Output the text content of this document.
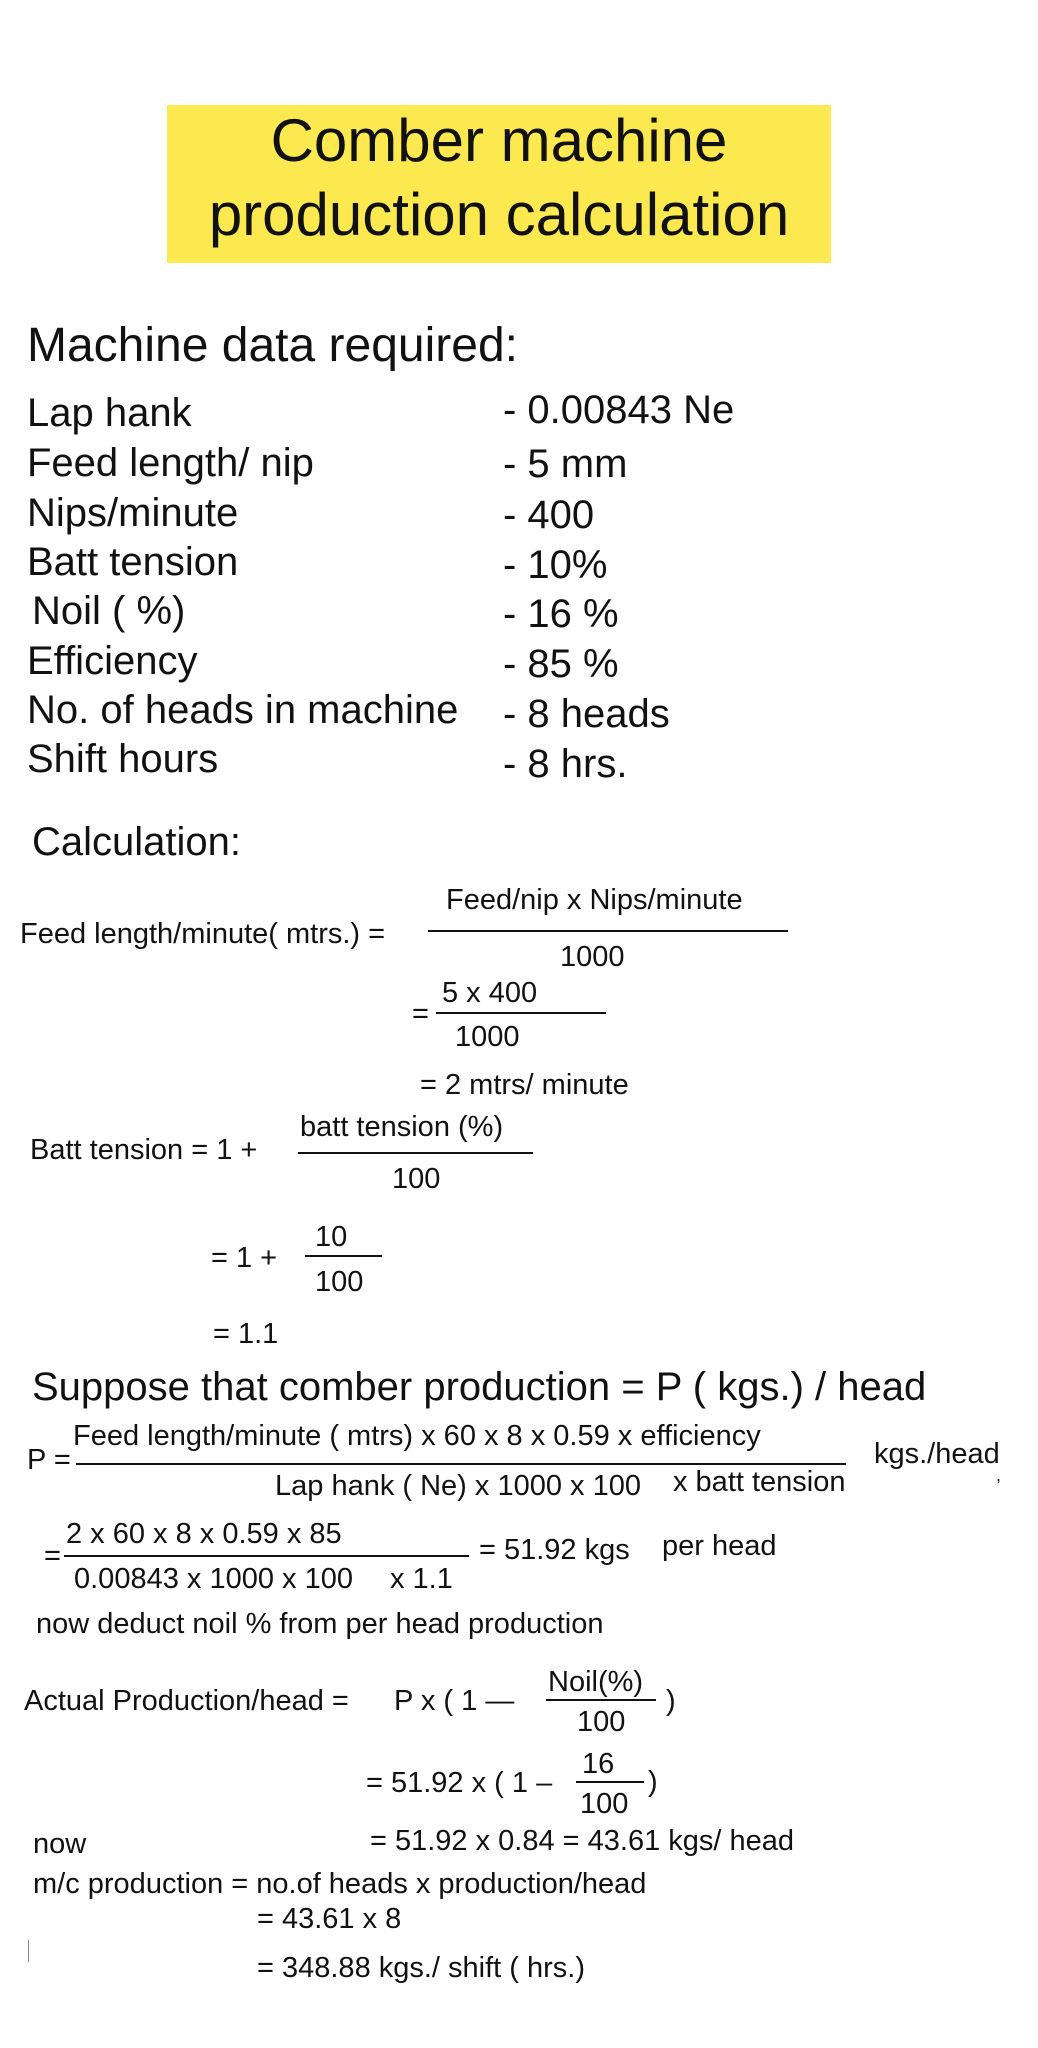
Comber machine
production calculation
Machine data required:
Lap hank	- 0.00843 Ne
Feed length/ nip	- 5 mm
Nips/minute	- 400
Batt tension	- 10%
Noil ( %)	- 16 %
Efficiency	- 85 %
No. of heads in machine - 8 heads
Shift hours	- 8 hrs.
Calculation:
Feed length/minute( mtrs.) =
Feed/nip x Nips/minute
1000
=
5 x 400
1000
= 2 mtrs/ minute
Batt tension = 1 +
batt tension (%)
100
= 1 +
10
100
= 1.1
Suppose that comber production = P ( kgs.) / head
P =
Feed length/minute ( mtrs) x 60 x 8 x 0.59 x efficiency
Lap hank ( Ne) x 1000 x 100 x batt tension
kgs./head
,
=
2 x 60 x 8 x 0.59 x 85
0.00843 x 1000 x 100 x 1.1
= 51.92 kgs per head
now deduct noil % from per head production
Actual Production/head = P x ( 1 —
Noil(%)
100
)
= 51.92 x ( 1 –
16
100
)
now	= 51.92 x 0.84 = 43.61 kgs/ head
m/c production = no.of heads x production/head
= 43.61 x 8
= 348.88 kgs./ shift ( hrs.)
